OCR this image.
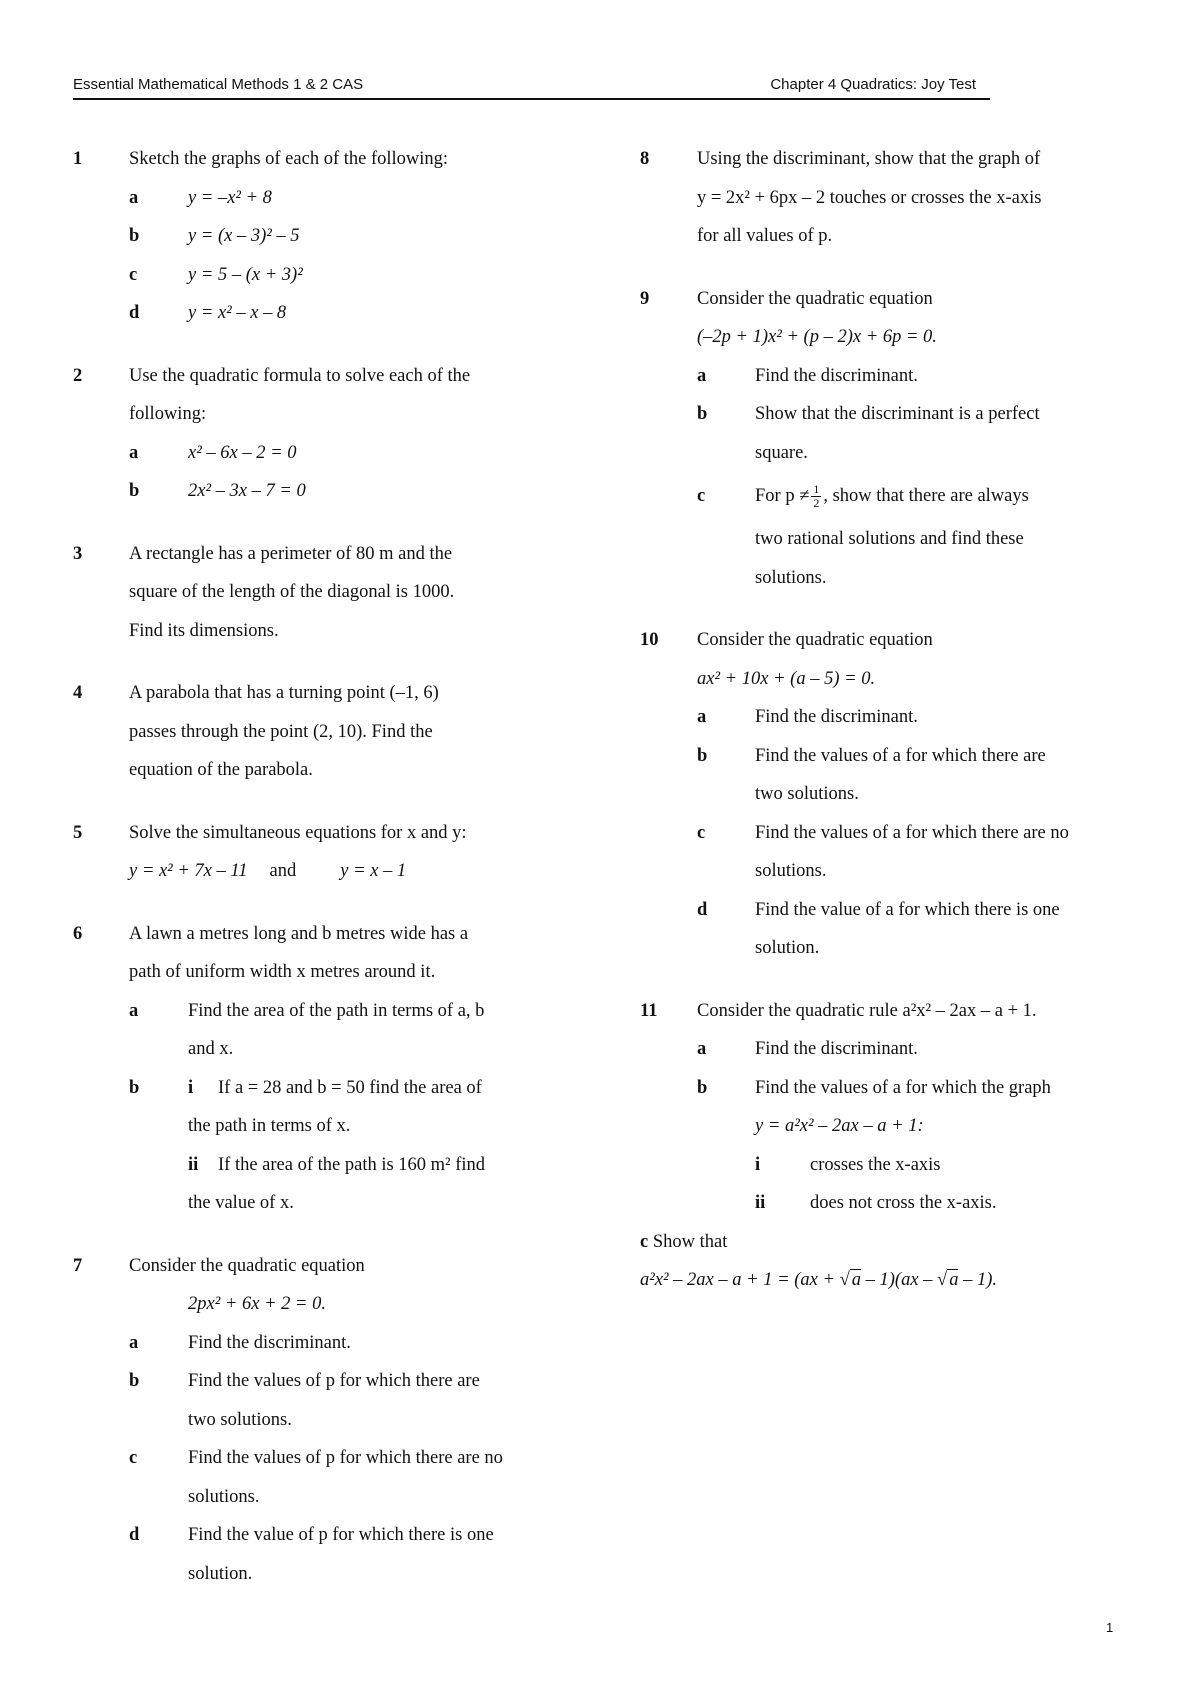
Essential Mathematical Methods 1 & 2 CAS	Chapter 4 Quadratics: Joy Test
1	Sketch the graphs of each of the following:
a	y = –x² + 8
b	y = (x – 3)² – 5
c	y = 5 – (x + 3)²
d	y = x² – x – 8
2	Use the quadratic formula to solve each of the
following:
a	x² – 6x – 2 = 0
b	2x² – 3x – 7 = 0
3	A rectangle has a perimeter of 80 m and the
square of the length of the diagonal is 1000.
Find its dimensions.
4	A parabola that has a turning point (–1, 6)
passes through the point (2, 10). Find the
equation of the parabola.
5	Solve the simultaneous equations for x and y:
y = x² + 7x – 11 and y = x – 1
6	A lawn a metres long and b metres wide has a
path of uniform width x metres around it.
a	Find the area of the path in terms of a, b
and x.
b	i If a = 28 and b = 50 find the area of
the path in terms of x.
ii If the area of the path is 160 m² find
the value of x.
7	Consider the quadratic equation
2px² + 6x + 2 = 0.
a	Find the discriminant.
b	Find the values of p for which there are
two solutions.
c	Find the values of p for which there are no
solutions.
d	Find the value of p for which there is one
solution.
8	Using the discriminant, show that the graph of
y = 2x² + 6px – 2 touches or crosses the x-axis
for all values of p.
9	Consider the quadratic equation
(–2p + 1)x² + (p – 2)x + 6p = 0.
a	Find the discriminant.
b	Show that the discriminant is a perfect
square.
c	For $p \ne \frac{1}{2}$ , show that there are always
two rational solutions and find these
solutions.
10 Consider the quadratic equation
ax² + 10x + (a – 5) = 0.
a	Find the discriminant.
b	Find the values of a for which there are
two solutions.
c	Find the values of a for which there are no
solutions.
d	Find the value of a for which there is one
solution.
11 Consider the quadratic rule a²x² – 2ax – a + 1.
a	Find the discriminant.
b	Find the values of a for which the graph
y = a²x² – 2ax – a + 1:
i	crosses the x-axis
ii does not cross the x-axis.
c Show that
a²x² – 2ax – a + 1 = (ax + √ a – 1)(ax – √ a – 1).
1
